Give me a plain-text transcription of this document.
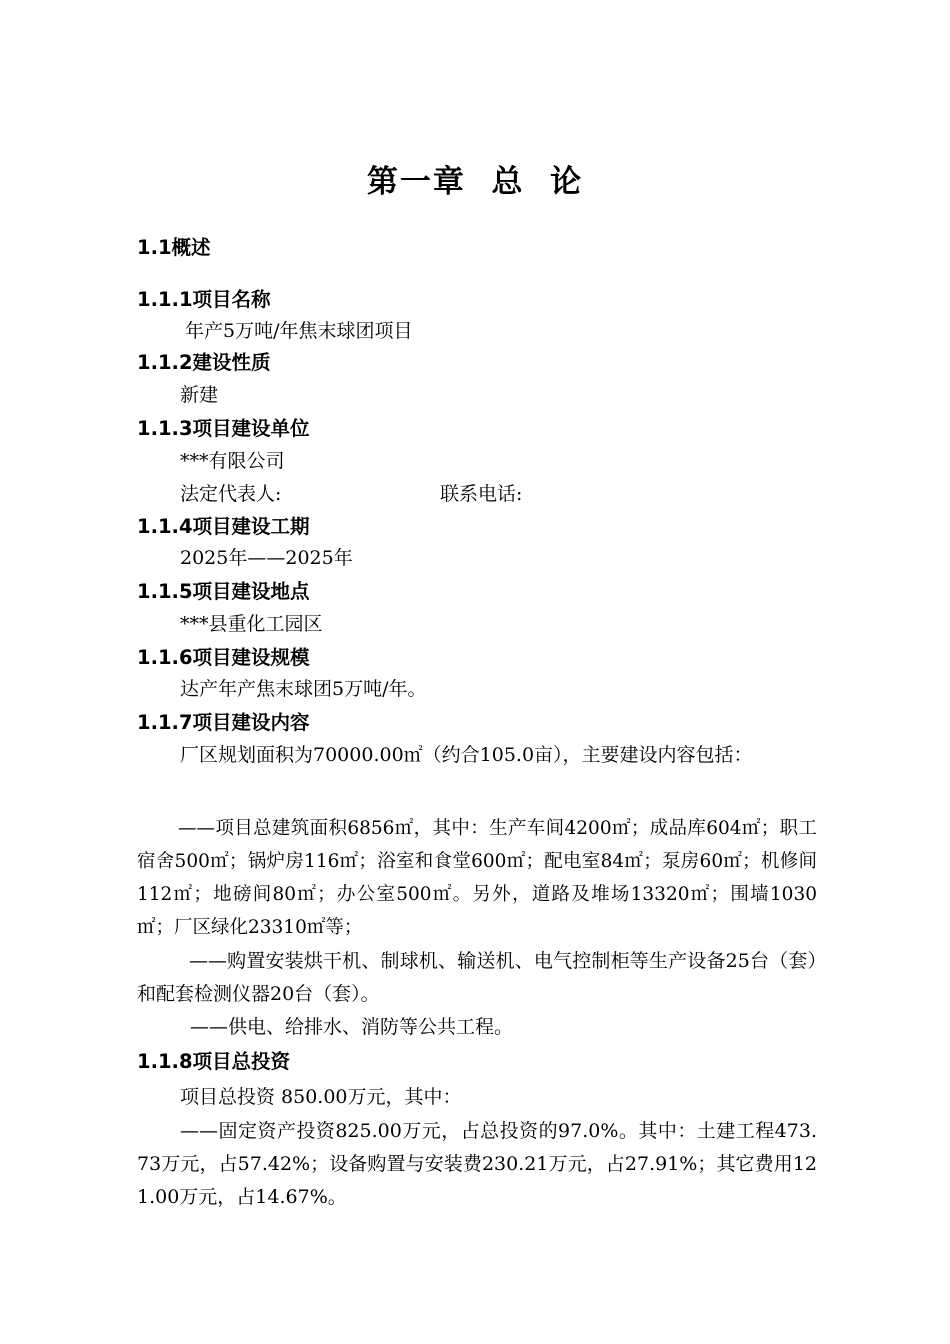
第一章  总  论
1.1概述
1.1.1项目名称
年产5万吨/年焦末球团项目
1.1.2建设性质
新建
1.1.3项目建设单位
***有限公司
法定代表人:	联系电话:
1.1.4项目建设工期
2025年——2025年
1.1.5项目建设地点
***县重化工园区
1.1.6项目建设规模
达产年产焦末球团5万吨/年。
1.1.7项目建设内容
厂区规划面积为70000.00㎡（约合105.0亩），主要建设内容包括：
——项目总建筑面积6856㎡，其中：生产车间4200㎡；成品库604㎡；职工宿舍500㎡；锅炉房116㎡；浴室和食堂600㎡；配电室84㎡；泵房60㎡；机修间112㎡；地磅间80㎡；办公室500㎡。另外，道路及堆场13320㎡；围墙1030㎡；厂区绿化23310㎡等；
——购置安装烘干机、制球机、输送机、电气控制柜等生产设备25台（套）和配套检测仪器20台（套）。
——供电、给排水、消防等公共工程。
1.1.8项目总投资
项目总投资 850.00万元，其中：
——固定资产投资825.00万元，占总投资的97.0%。其中：土建工程473.73万元，占57.42%；设备购置与安装费230.21万元，占27.91%；其它费用121.00万元，占14.67%。
